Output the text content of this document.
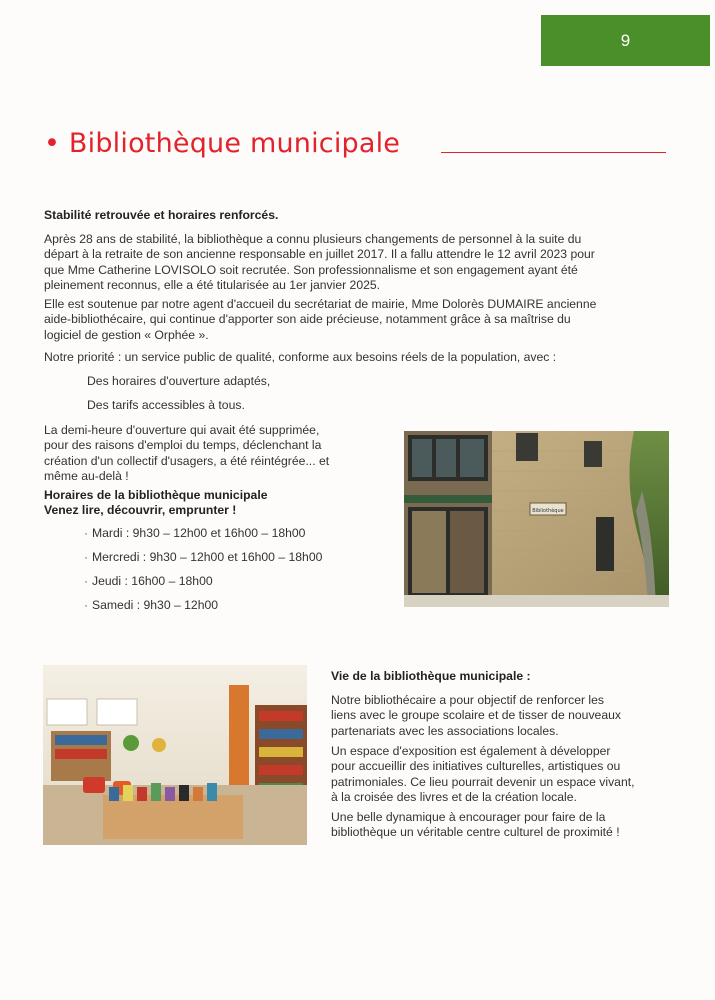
9
• Bibliothèque municipale
Stabilité retrouvée et horaires renforcés.
Après 28 ans de stabilité, la bibliothèque a connu plusieurs changements de personnel à la suite du
départ à la retraite de son ancienne responsable en juillet 2017. Il a fallu attendre le 12 avril 2023 pour
que Mme Catherine LOVISOLO soit recrutée. Son professionnalisme et son engagement ayant été
pleinement reconnus, elle a été titularisée au 1er janvier 2025.
Elle est soutenue par notre agent d'accueil du secrétariat de mairie, Mme Dolorès DUMAIRE ancienne
aide-bibliothécaire, qui continue d'apporter son aide précieuse, notamment grâce à sa maîtrise du
logiciel de gestion « Orphée ».
Notre priorité : un service public de qualité, conforme aux besoins réels de la population, avec :
Des horaires d'ouverture adaptés,
Des tarifs accessibles à tous.
La demi-heure d'ouverture qui avait été supprimée,
pour des raisons d'emploi du temps, déclenchant la
création d'un collectif d'usagers, a été réintégrée... et
même au-delà !
Horaires de la bibliothèque municipale
Venez lire, découvrir, emprunter !
· Mardi : 9h30 – 12h00 et 16h00 – 18h00
· Mercredi : 9h30 – 12h00 et 16h00 – 18h00
· Jeudi : 16h00 – 18h00
· Samedi : 9h30 – 12h00
Bibliothèque
Vie de la bibliothèque municipale :
Notre bibliothécaire a pour objectif de renforcer les
liens avec le groupe scolaire et de tisser de nouveaux
partenariats avec les associations locales.
Un espace d'exposition est également à développer
pour accueillir des initiatives culturelles, artistiques ou
patrimoniales. Ce lieu pourrait devenir un espace vivant,
à la croisée des livres et de la création locale.
Une belle dynamique à encourager pour faire de la
bibliothèque un véritable centre culturel de proximité !
